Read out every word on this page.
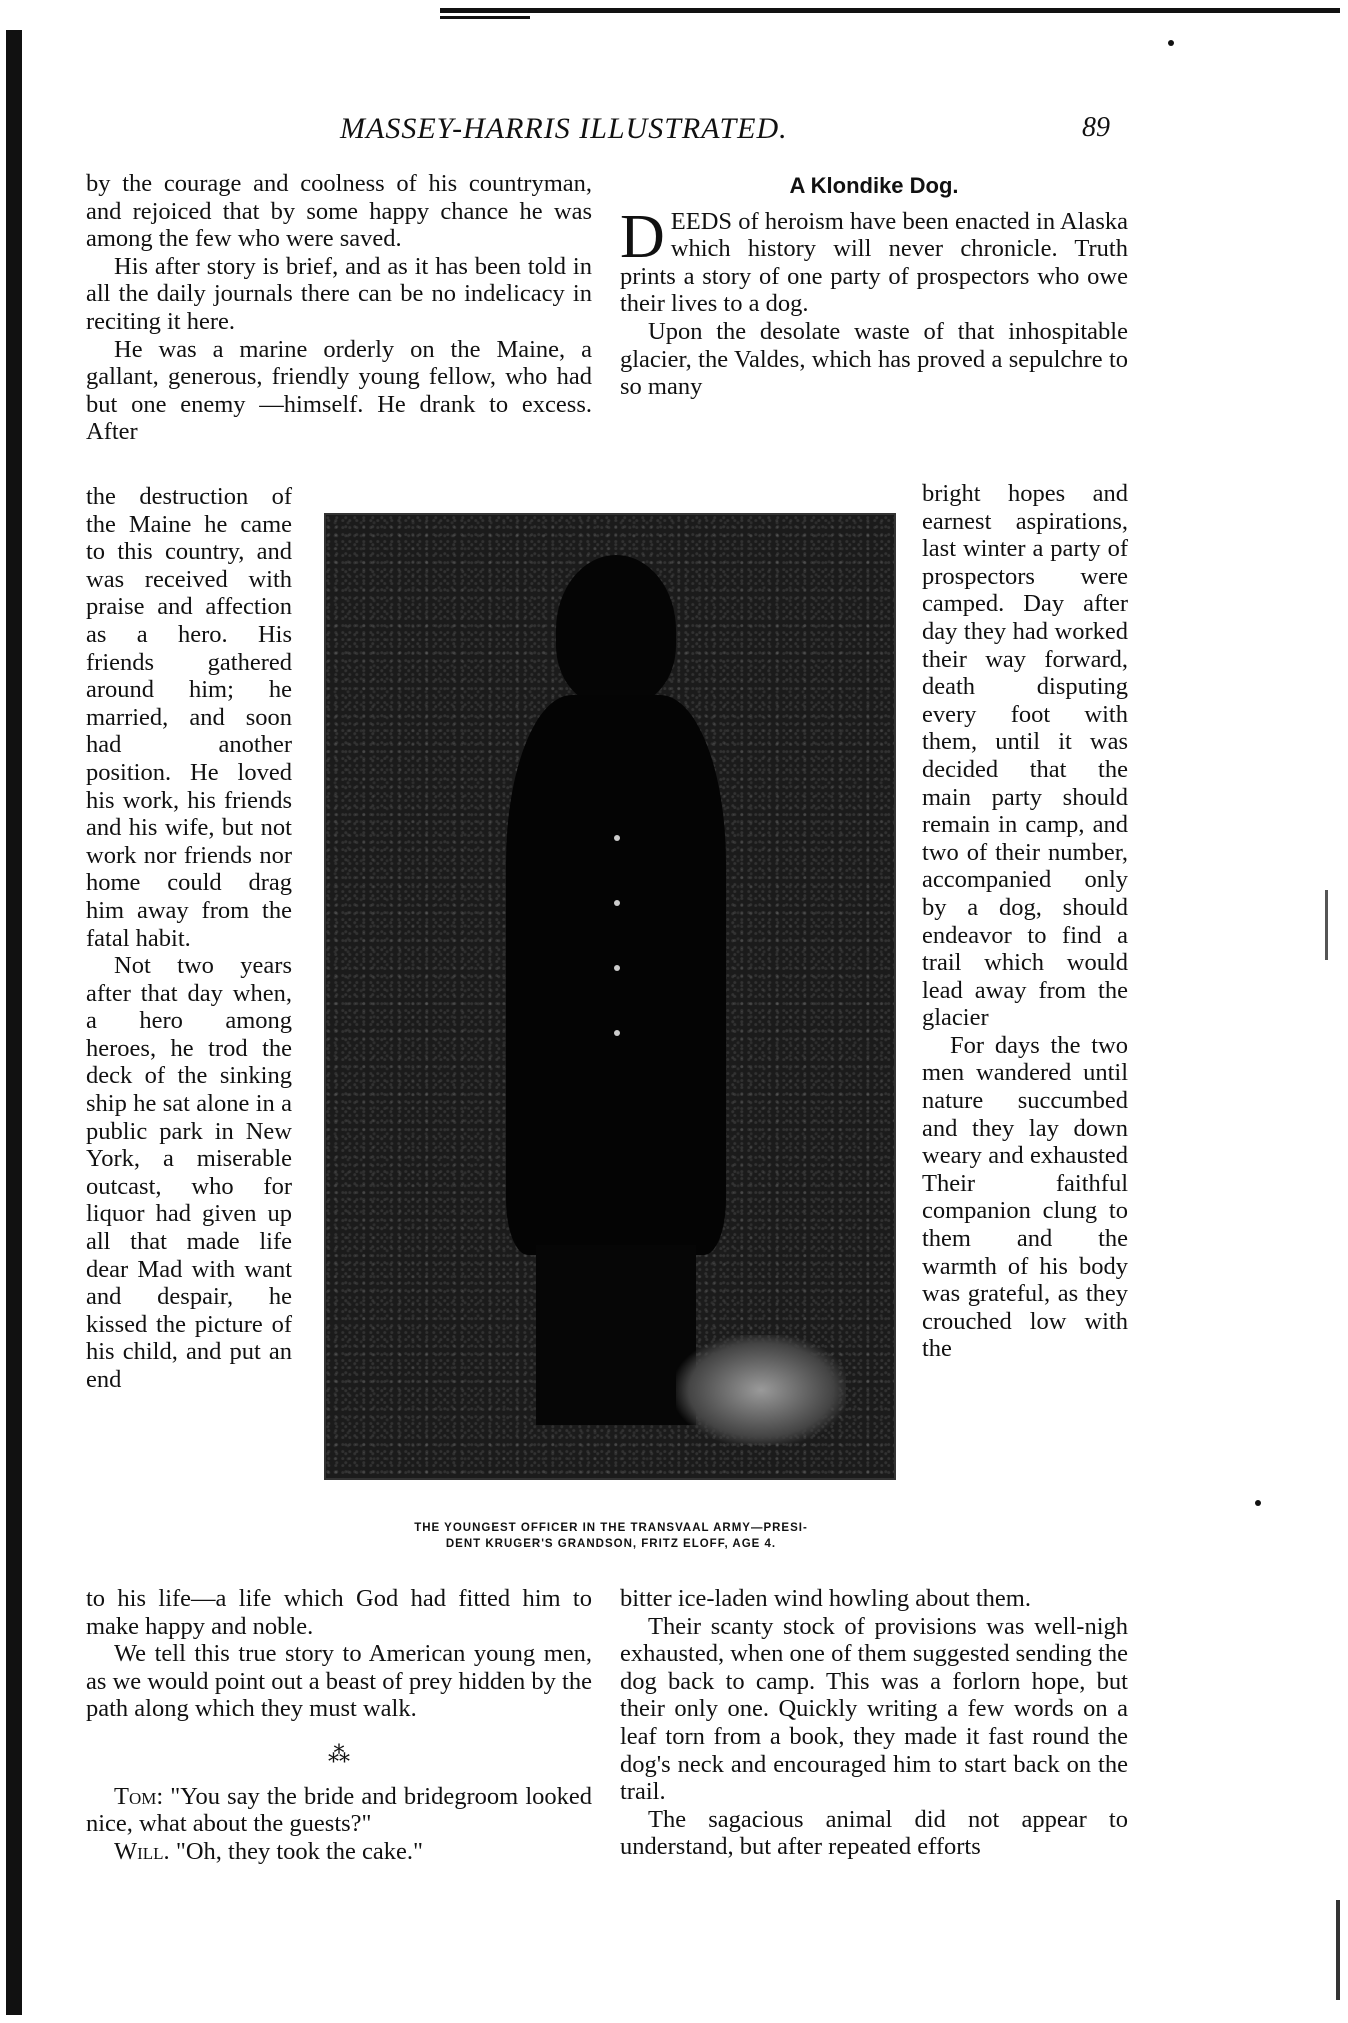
MASSEY-HARRIS ILLUSTRATED.	89

by the courage and coolness of his countryman, and rejoiced that by some happy chance he was among the few who were saved.

His after story is brief, and as it has been told in all the daily journals there can be no indelicacy in reciting it here.

He was a marine orderly on the Maine, a gallant, generous, friendly young fellow, who had but one enemy —himself. He drank to excess. After

the destruction of the Maine he came to this country, and was received with praise and affection as a hero. His friends gathered around him; he married, and soon had another position. He loved his work, his friends and his wife, but not work nor friends nor home could drag him away from the fatal habit.

Not two years after that day when, a hero among heroes, he trod the deck of the sinking ship he sat alone in a public park in New York, a miserable outcast, who for liquor had given up all that made life dear Mad with want and despair, he kissed the picture of his child, and put an end

to his life—a life which God had fitted him to make happy and noble.

We tell this true story to American young men, as we would point out a beast of prey hidden by the path along which they must walk.

⁂

Tom: "You say the bride and bridegroom looked nice, what about the guests?"

Will. "Oh, they took the cake."

A Klondike Dog.

D EEDS of heroism have been enacted in Alaska which history will never chronicle. Truth prints a story of one party of prospectors who owe their lives to a dog.

Upon the desolate waste of that inhospitable glacier, the Valdes, which has proved a sepulchre to so many

bright hopes and earnest aspirations, last winter a party of prospectors were camped. Day after day they had worked their way forward, death disputing every foot with them, until it was decided that the main party should remain in camp, and two of their number, accompanied only by a dog, should endeavor to find a trail which would lead away from the glacier

For days the two men wandered until nature succumbed and they lay down weary and exhausted Their faithful companion clung to them and the warmth of his body was grateful, as they crouched low with the

bitter ice-laden wind howling about them.

Their scanty stock of provisions was well-nigh exhausted, when one of them suggested sending the dog back to camp. This was a forlorn hope, but their only one. Quickly writing a few words on a leaf torn from a book, they made it fast round the dog's neck and encouraged him to start back on the trail.

The sagacious animal did not appear to understand, but after repeated efforts

THE YOUNGEST OFFICER IN THE TRANSVAAL ARMY—PRESI-
DENT KRUGER'S GRANDSON, FRITZ ELOFF, AGE 4.
